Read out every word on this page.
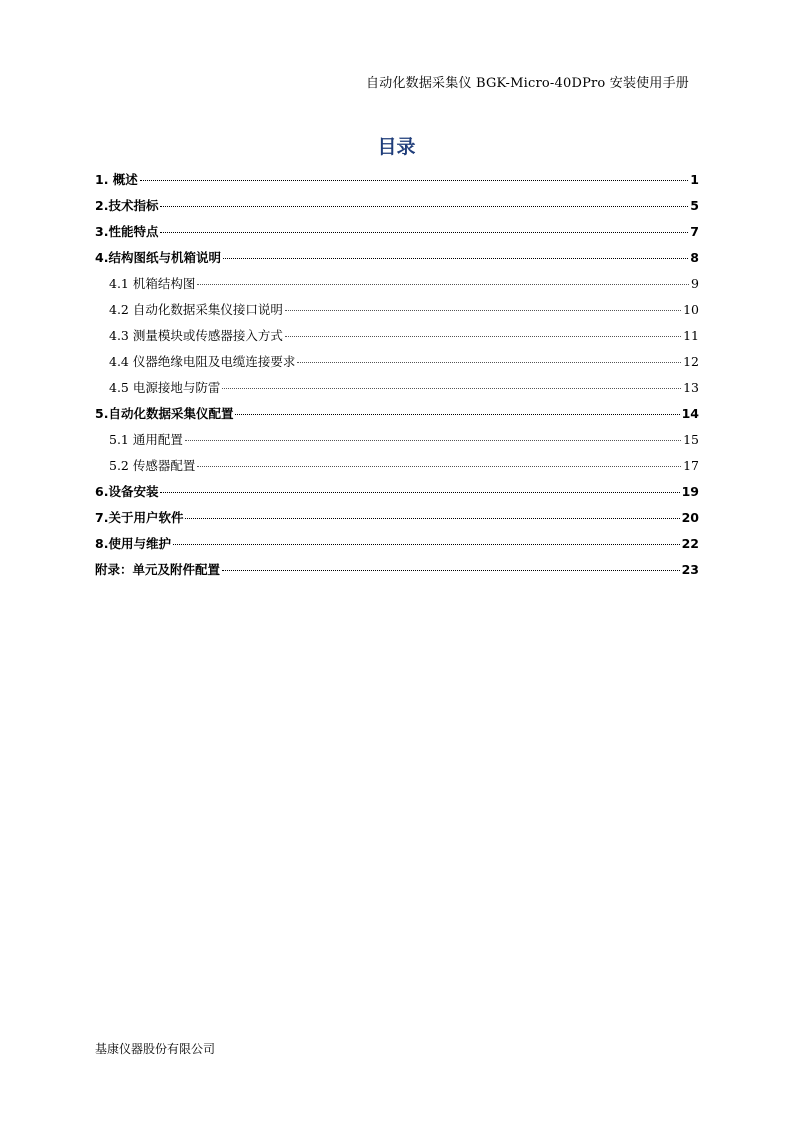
自动化数据采集仪 BGK-Micro-40DPro 安装使用手册
目录
1. 概述	1
2.技术指标	5
3.性能特点	7
4.结构图纸与机箱说明	8
4.1 机箱结构图	9
4.2 自动化数据采集仪接口说明	10
4.3 测量模块或传感器接入方式	11
4.4 仪器绝缘电阻及电缆连接要求	12
4.5 电源接地与防雷	13
5.自动化数据采集仪配置	14
5.1 通用配置	15
5.2 传感器配置	17
6.设备安装	19
7.关于用户软件	20
8.使用与维护	22
附录：单元及附件配置	23
基康仪器股份有限公司
